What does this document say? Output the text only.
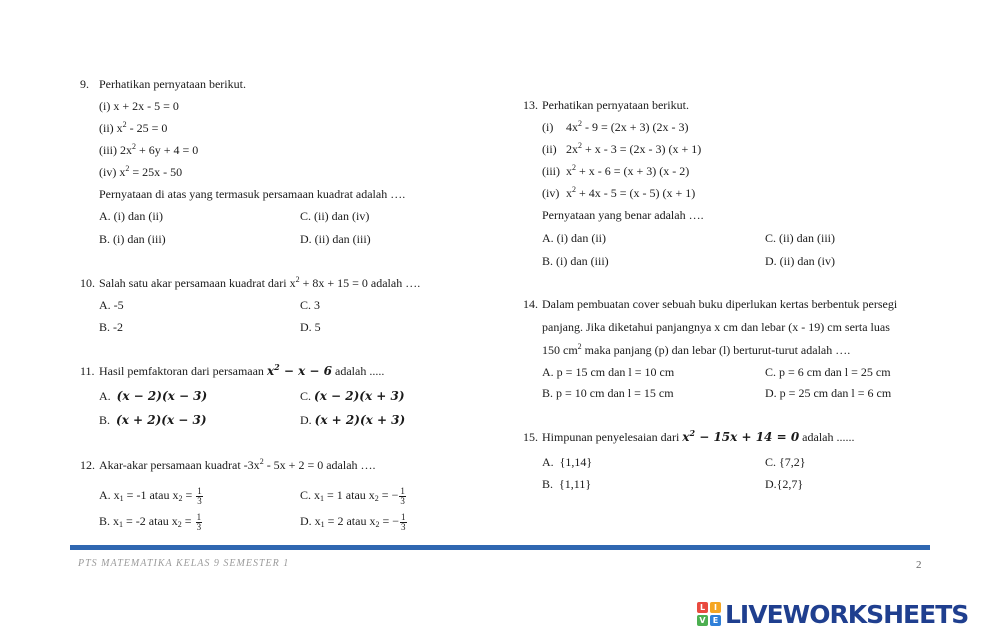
9. Perhatikan pernyataan berikut.
(i) x + 2x - 5 = 0
(ii) $x^2 - 25 = 0$
(iii) $2x^2 + 6y + 4 = 0$
(iv) $x^2 = 25x - 50$
Pernyataan di atas yang termasuk persamaan kuadrat adalah ….
A. (i) dan (ii)	C. (ii) dan (iv)
B. (i) dan (iii)	D. (ii) dan (iii)
10. Salah satu akar persamaan kuadrat dari $x^2 + 8x + 15 = 0$ adalah ….
A. -5	C. 3
B. -2	D. 5
11. Hasil pemfaktoran dari persamaan $x^2 - x - 6$ adalah .....
A. (x − 2)(x − 3)	C. (x − 2)(x + 3)
B. (x + 2)(x − 3)	D. (x + 2)(x + 3)
12. Akar-akar persamaan kuadrat $-3x^2 - 5x + 2 = 0$ adalah ….
A. $x_1 = -1$ atau $x_2 = \frac{1}{3}$	C. $x_1 = 1$ atau $x_2$ = − $\frac{1}{3}$
B. $x_1 = -2$ atau $x_2 = \frac{1}{3}$	D. $x_1 = 2$ atau $x_2$ = − $\frac{1}{3}$
13. Perhatikan pernyataan berikut.
(i) $4x^2 - 9 = (2x + 3)$ (2x - 3)
(ii) $2x^2 + x - 3 = (2x - 3) (x + 1)$
(iii) $x^2 + x - 6 = (x + 3)$ (x - 2)
(iv) $x^2 + 4x - 5 = (x - 5) (x + 1)$
Pernyataan yang benar adalah ….
A. (i) dan (ii)	C. (ii) dan (iii)
B. (i) dan (iii)	D. (ii) dan (iv)
14. Dalam pembuatan cover sebuah buku diperlukan kertas berbentuk persegi
panjang. Jika diketahui panjangnya x cm dan lebar (x - 19) cm serta luas
150 $cm^2$ maka panjang (p) dan lebar (l) berturut-turut adalah ….
A. p = 15 cm dan l = 10 cm	C. p = 6 cm dan l = 25 cm
B. p = 10 cm dan l = 15 cm	D. p = 25 cm dan l = 6 cm
15. Himpunan penyelesaian dari $x^2 - 15x + 14 = 0$ adalah ......
A. {1,14}	C. {7,2}
B. {1,11}	D.{2,7}
PTS MATEMATIKA KELAS 9 SEMESTER 1	2
L	I
V E LIVEWORKSHEETS
